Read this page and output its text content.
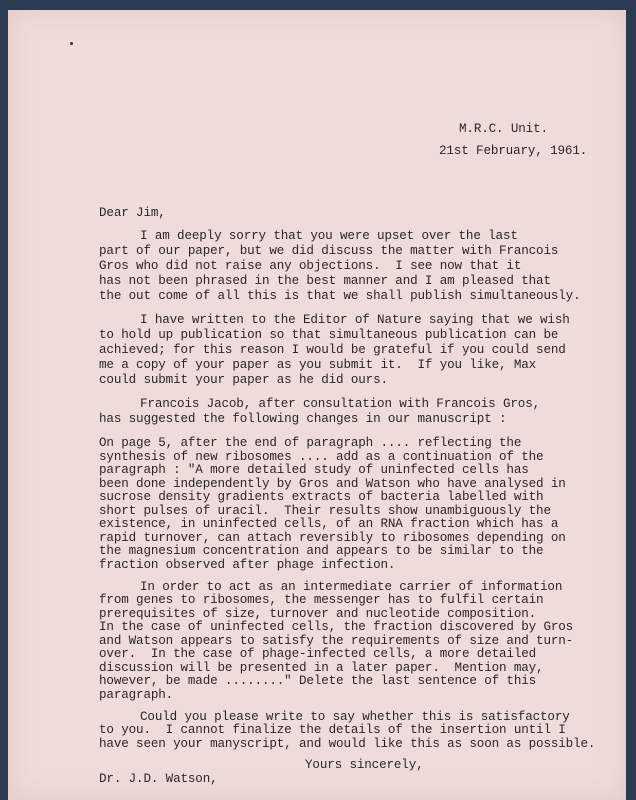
M.R.C. Unit.
21st February, 1961.
Dear Jim,
I am deeply sorry that you were upset over the last
part of our paper, but we did discuss the matter with Francois
Gros who did not raise any objections.  I see now that it
has not been phrased in the best manner and I am pleased that
the out come of all this is that we shall publish simultaneously.
I have written to the Editor of Nature saying that we wish
to hold up publication so that simultaneous publication can be
achieved; for this reason I would be grateful if you could send
me a copy of your paper as you submit it.  If you like, Max
could submit your paper as he did ours.
Francois Jacob, after consultation with Francois Gros,
has suggested the following changes in our manuscript :
On page 5, after the end of paragraph .... reflecting the
synthesis of new ribosomes .... add as a continuation of the
paragraph : "A more detailed study of uninfected cells has
been done independently by Gros and Watson who have analysed in
sucrose density gradients extracts of bacteria labelled with
short pulses of uracil.  Their results show unambiguously the
existence, in uninfected cells, of an RNA fraction which has a
rapid turnover, can attach reversibly to ribosomes depending on
the magnesium concentration and appears to be similar to the
fraction observed after phage infection.
In order to act as an intermediate carrier of information
from genes to ribosomes, the messenger has to fulfil certain
prerequisites of size, turnover and nucleotide composition.
In the case of uninfected cells, the fraction discovered by Gros
and Watson appears to satisfy the requirements of size and turn-
over.  In the case of phage-infected cells, a more detailed
discussion will be presented in a later paper.  Mention may,
however, be made ........" Delete the last sentence of this
paragraph.
Could you please write to say whether this is satisfactory
to you.  I cannot finalize the details of the insertion until I
have seen your manyscript, and would like this as soon as possible.
Yours sincerely,
Dr. J.D. Watson,
